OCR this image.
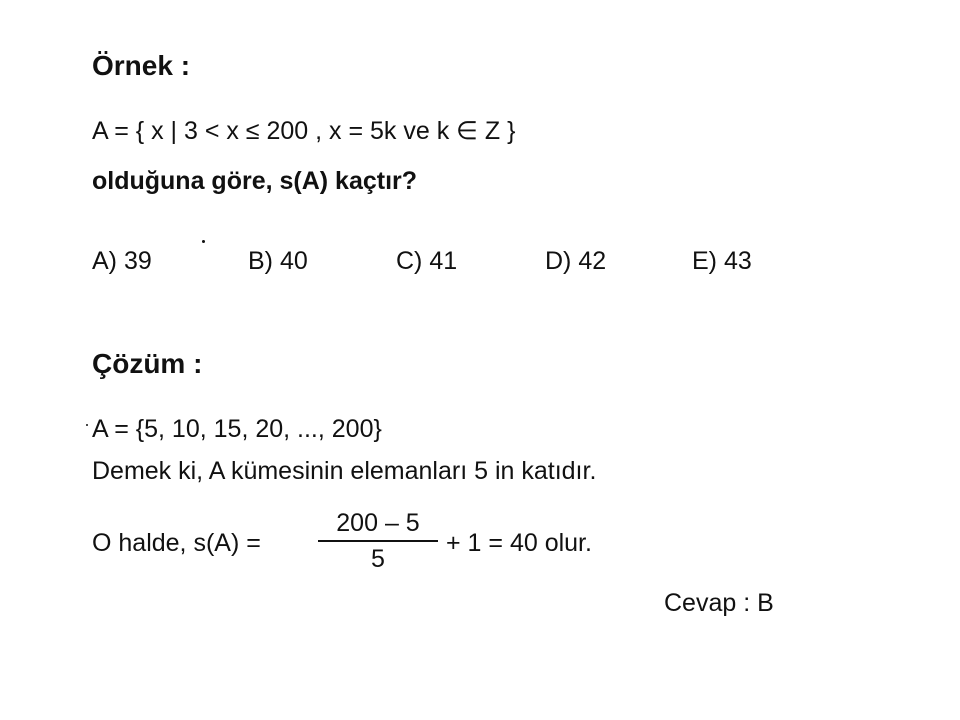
Örnek :
A = { x | 3 < x ≤ 200 , x = 5k ve k ∈ Z }
olduğuna göre, s(A) kaçtır?
A) 39	B) 40	C) 41	D) 42	E) 43
Çözüm :
A = {5, 10, 15, 20, ..., 200}
Demek ki, A kümesinin elemanları 5 in katıdır.
O halde, s(A) =
200 – 5
5
+ 1 = 40 olur.
Cevap : B
